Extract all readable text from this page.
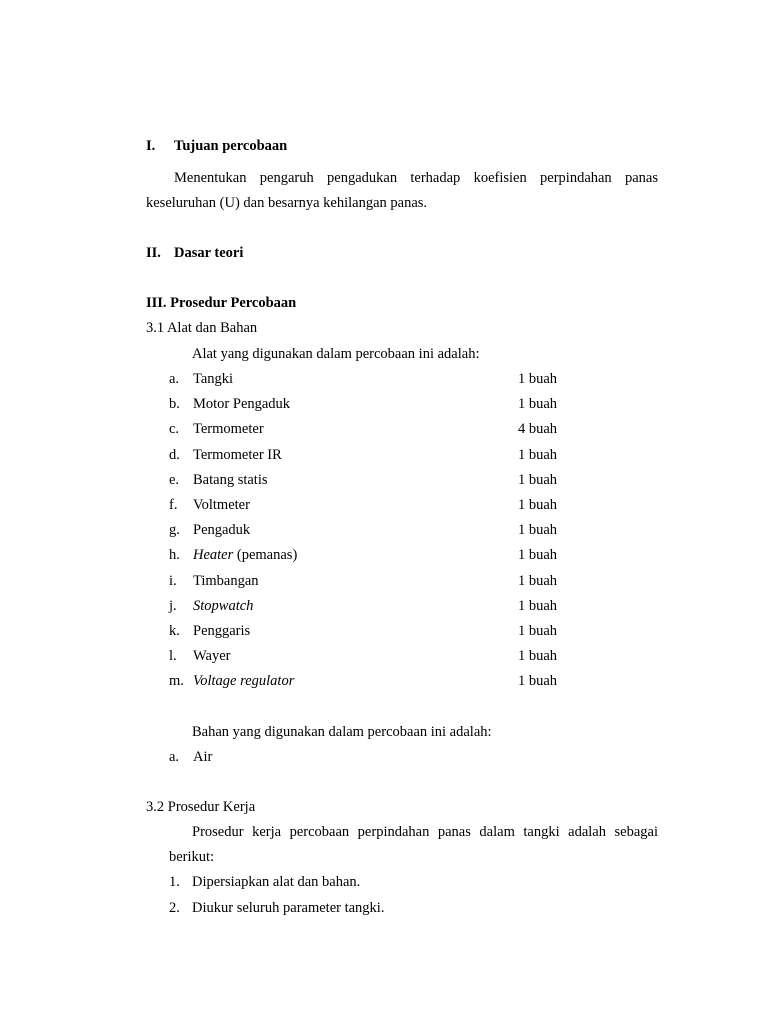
I. Tujuan percobaan
Menentukan pengaruh pengadukan terhadap koefisien perpindahan panas
keseluruhan (U) dan besarnya kehilangan panas.
II. Dasar teori
III. Prosedur Percobaan
3.1 Alat dan Bahan
Alat yang digunakan dalam percobaan ini adalah:
a. Tangki	1 buah
b. Motor Pengaduk	1 buah
c. Termometer	4 buah
d. Termometer IR	1 buah
e. Batang statis	1 buah
f. Voltmeter	1 buah
g. Pengaduk	1 buah
h. Heater (pemanas)	1 buah
i. Timbangan	1 buah
j. Stopwatch	1 buah
k. Penggaris	1 buah
l. Wayer	1 buah
m. Voltage regulator	1 buah
Bahan yang digunakan dalam percobaan ini adalah:
a. Air
3.2 Prosedur Kerja
Prosedur kerja percobaan perpindahan panas dalam tangki adalah sebagai
berikut:
1. Dipersiapkan alat dan bahan.
2. Diukur seluruh parameter tangki.
